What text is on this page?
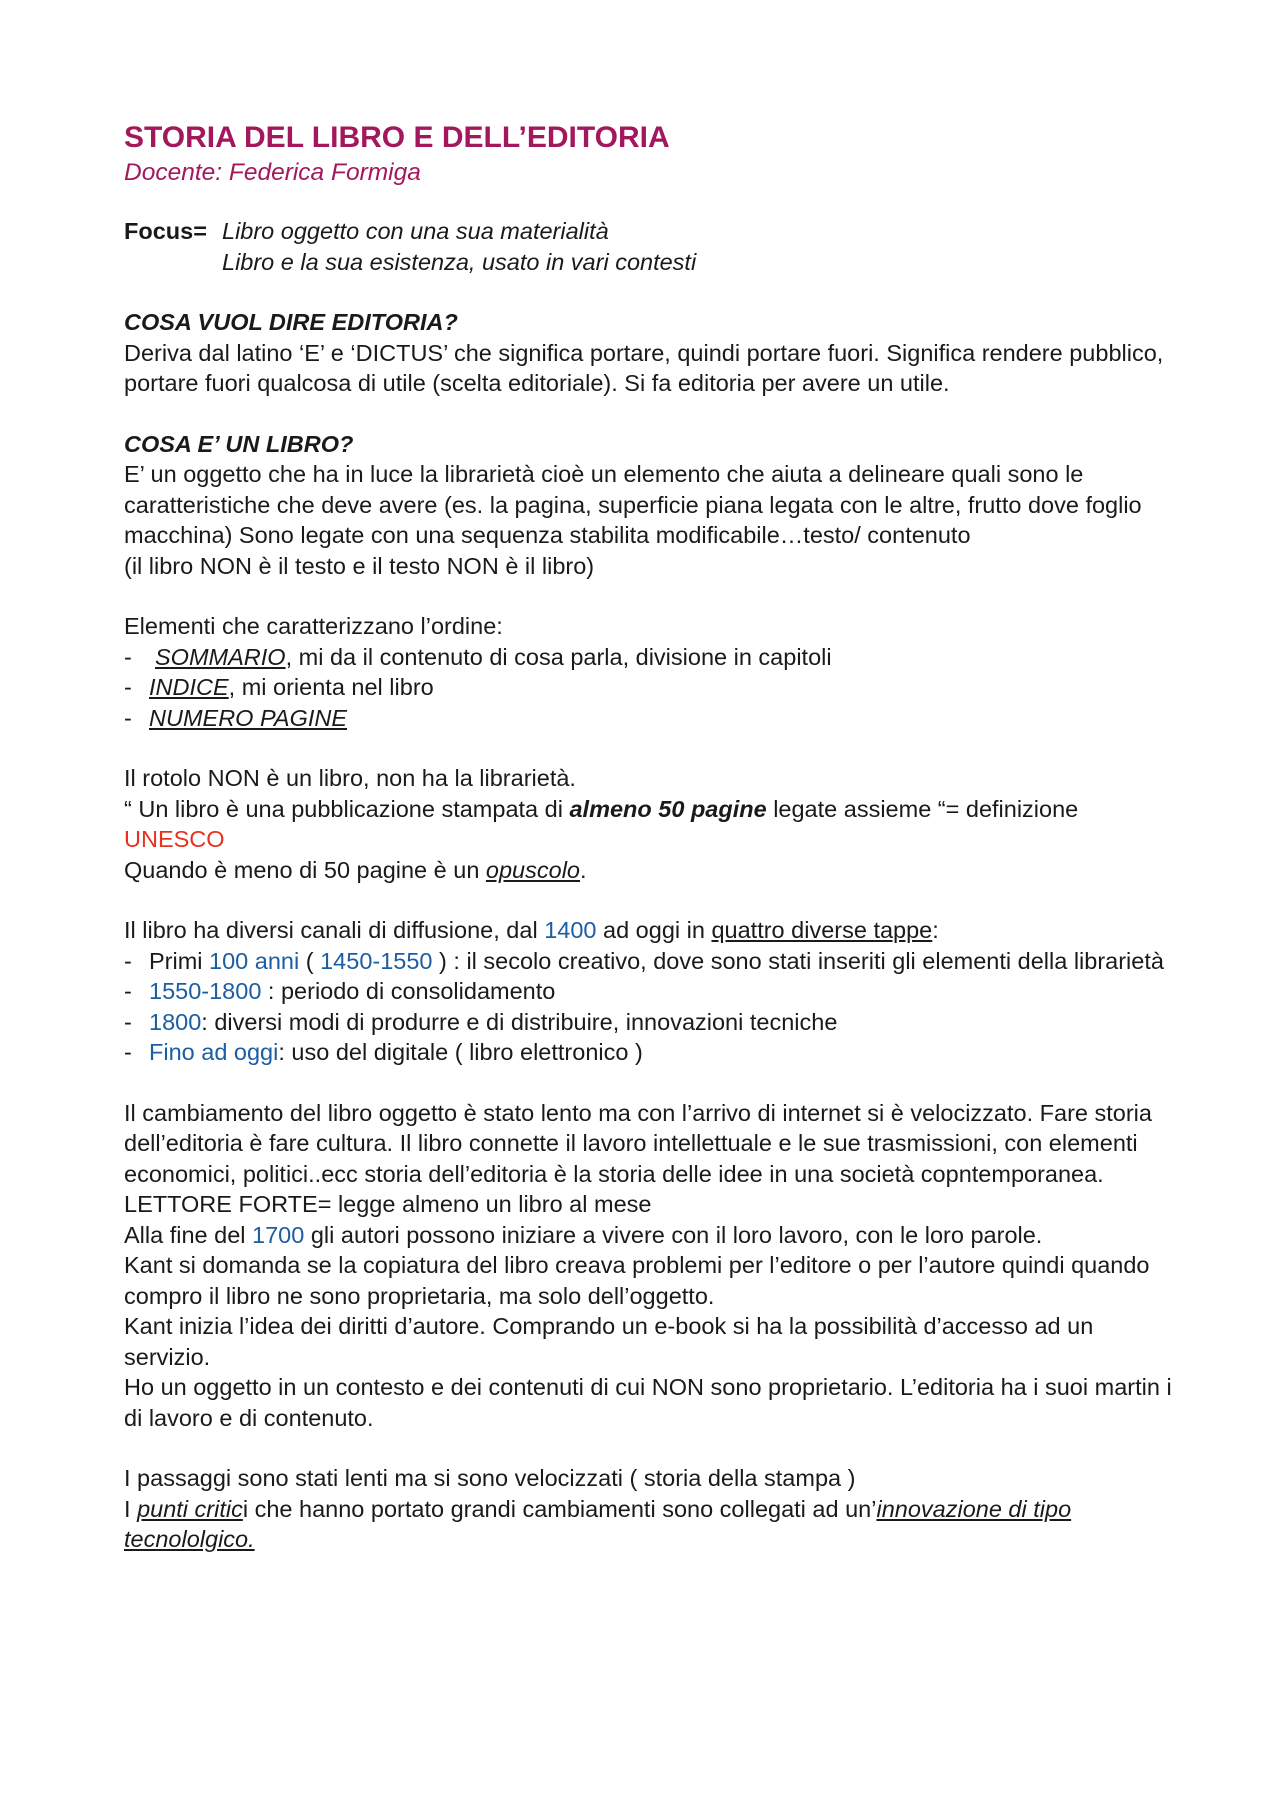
STORIA DEL LIBRO E DELL’EDITORIA

Docente: Federica Formiga

Focus= Libro oggetto con una sua materialità
Libro e la sua esistenza, usato in vari contesti

COSA VUOL DIRE EDITORIA?

Deriva dal latino ‘E’ e ‘DICTUS’ che significa portare, quindi portare fuori. Significa rendere pubblico, portare fuori qualcosa di utile (scelta editoriale). Si fa editoria per avere un utile.

COSA E’ UN LIBRO?

E’ un oggetto che ha in luce la librarietà cioè un elemento che aiuta a delineare quali sono le caratteristiche che deve avere (es. la pagina, superficie piana legata con le altre, frutto dove foglio macchina) Sono legate con una sequenza stabilita modificabile…testo/ contenuto

(il libro NON è il testo e il testo NON è il libro)

Elementi che caratterizzano l’ordine:

- SOMMARIO, mi da il contenuto di cosa parla, divisione in capitoli
- INDICE, mi orienta nel libro
- NUMERO PAGINE

Il rotolo NON è un libro, non ha la librarietà.

“ Un libro è una pubblicazione stampata di almeno 50 pagine legate assieme “= definizione UNESCO

Quando è meno di 50 pagine è un opuscolo.

Il libro ha diversi canali di diffusione, dal 1400 ad oggi in quattro diverse tappe:

- Primi 100 anni ( 1450-1550 ) : il secolo creativo, dove sono stati inseriti gli elementi della librarietà
- 1550-1800 : periodo di consolidamento
- 1800: diversi modi di produrre e di distribuire, innovazioni tecniche
- Fino ad oggi: uso del digitale ( libro elettronico )

Il cambiamento del libro oggetto è stato lento ma con l’arrivo di internet si è velocizzato. Fare storia dell’editoria è fare cultura. Il libro connette il lavoro intellettuale e le sue trasmissioni, con elementi economici, politici..ecc storia dell’editoria è la storia delle idee in una società copntemporanea.

LETTORE FORTE= legge almeno un libro al mese

Alla fine del 1700 gli autori possono iniziare a vivere con il loro lavoro, con le loro parole.

Kant si domanda se la copiatura del libro creava problemi per l’editore o per l’autore quindi quando compro il libro ne sono proprietaria, ma solo dell’oggetto.

Kant inizia l’idea dei diritti d’autore. Comprando un e-book si ha la possibilità d’accesso ad un servizio.

Ho un oggetto in un contesto e dei contenuti di cui NON sono proprietario. L’editoria ha i suoi martin i di lavoro e di contenuto.

I passaggi sono stati lenti ma si sono velocizzati ( storia della stampa )

I punti critici che hanno portato grandi cambiamenti sono collegati ad un’innovazione di tipo tecnololgico.
